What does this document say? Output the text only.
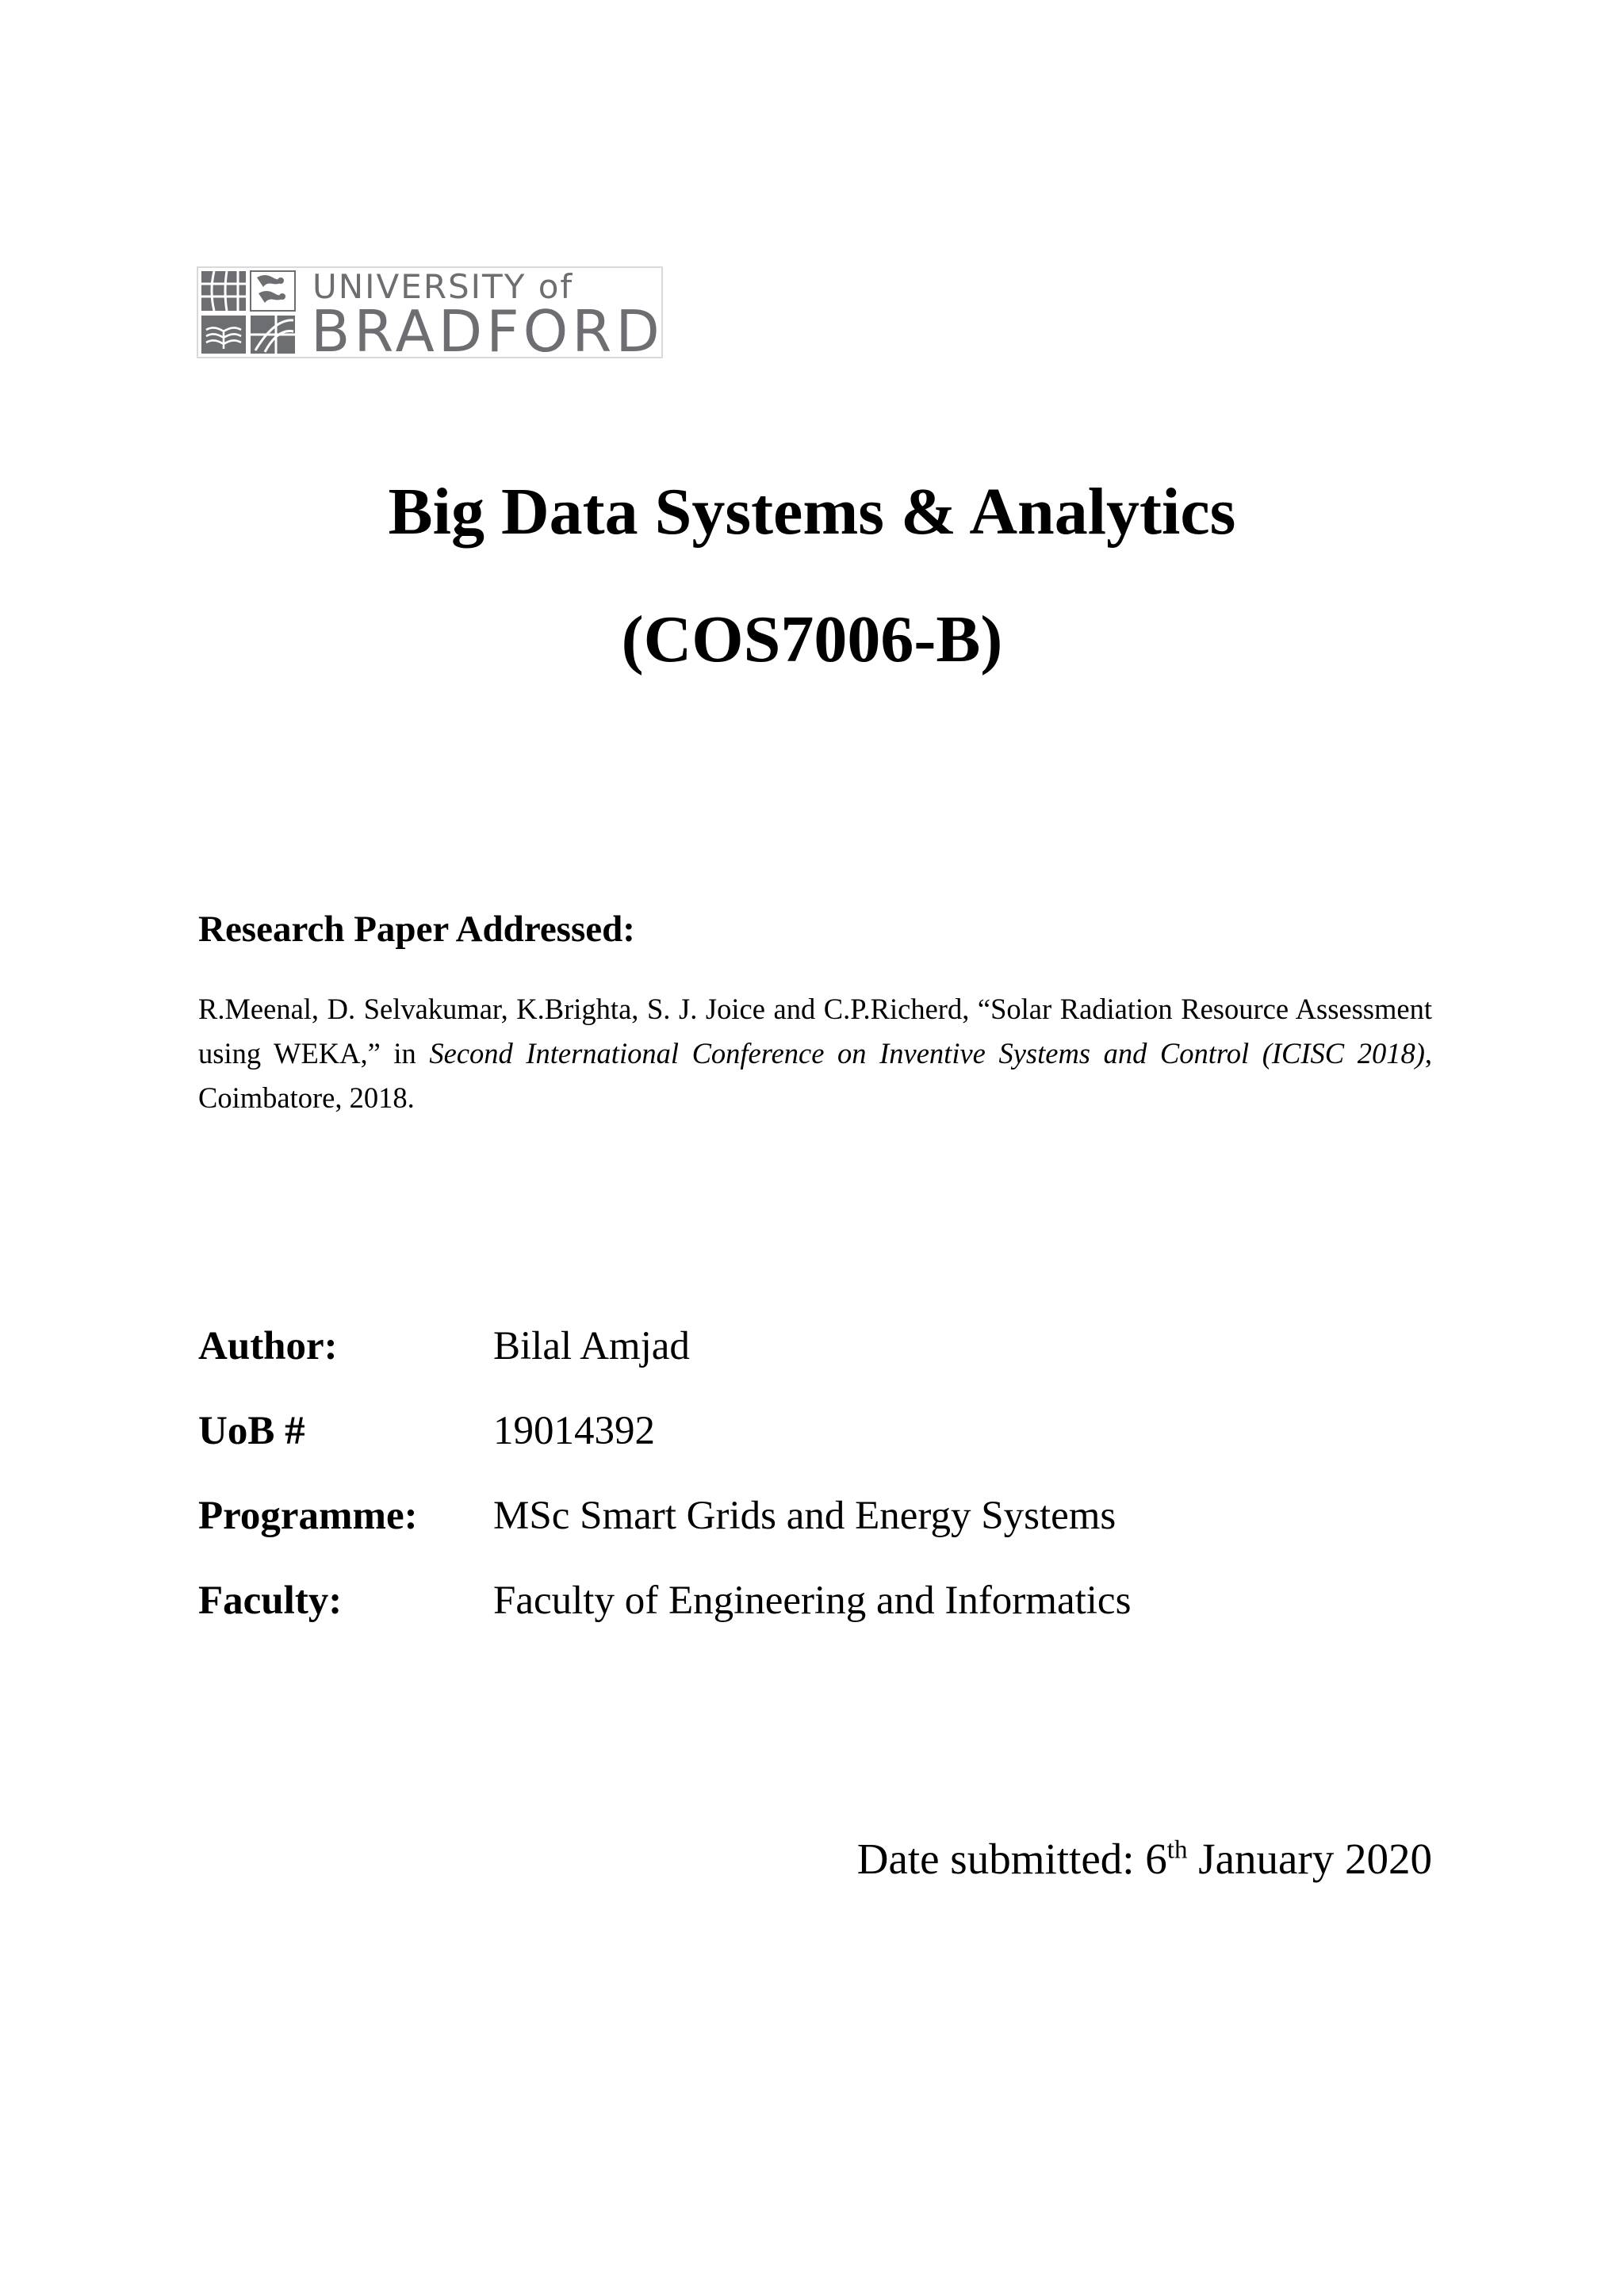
UNIVERSITY of
BRADFORD
Big Data Systems & Analytics
(COS7006-B)
Research Paper Addressed:
R.Meenal, D. Selvakumar, K.Brighta, S. J. Joice and C.P.Richerd, “Solar Radiation Resource Assessment using WEKA,” in Second International Conference on Inventive Systems and Control (ICISC 2018), Coimbatore, 2018.
Author:	Bilal Amjad
UoB #	19014392
Programme: MSc Smart Grids and Energy Systems
Faculty:	Faculty of Engineering and Informatics
Date submitted: 6th January 2020
